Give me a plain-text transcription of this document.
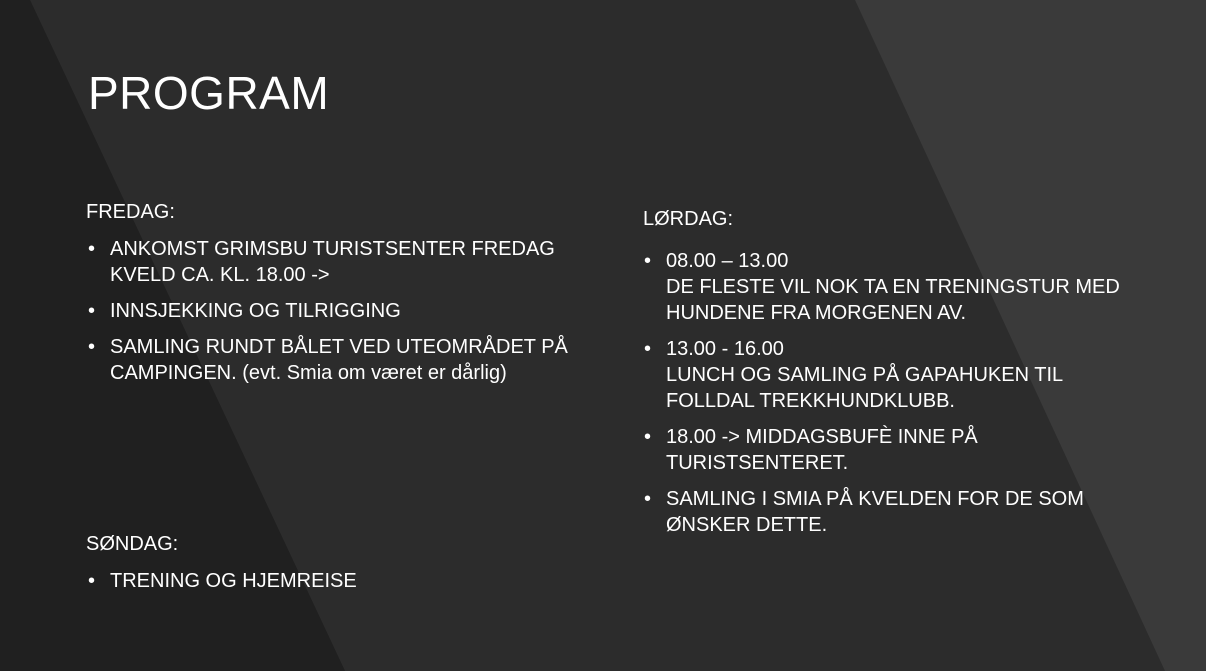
PROGRAM
FREDAG:
• ANKOMST GRIMSBU TURISTSENTER FREDAG KVELD CA. KL. 18.00 ->
• INNSJEKKING OG TILRIGGING
• SAMLING RUNDT BÅLET VED UTEOMRÅDET PÅ CAMPINGEN. (evt. Smia om været er dårlig)
SØNDAG:
• TRENING OG HJEMREISE
LØRDAG:
• 08.00 – 13.00
DE FLESTE VIL NOK TA EN TRENINGSTUR MED HUNDENE FRA MORGENEN AV.
• 13.00 - 16.00
LUNCH OG SAMLING PÅ GAPAHUKEN TIL FOLLDAL TREKKHUNDKLUBB.
• 18.00 -> MIDDAGSBUFÈ INNE PÅ TURISTSENTERET.
• SAMLING I SMIA PÅ KVELDEN FOR DE SOM ØNSKER DETTE.
